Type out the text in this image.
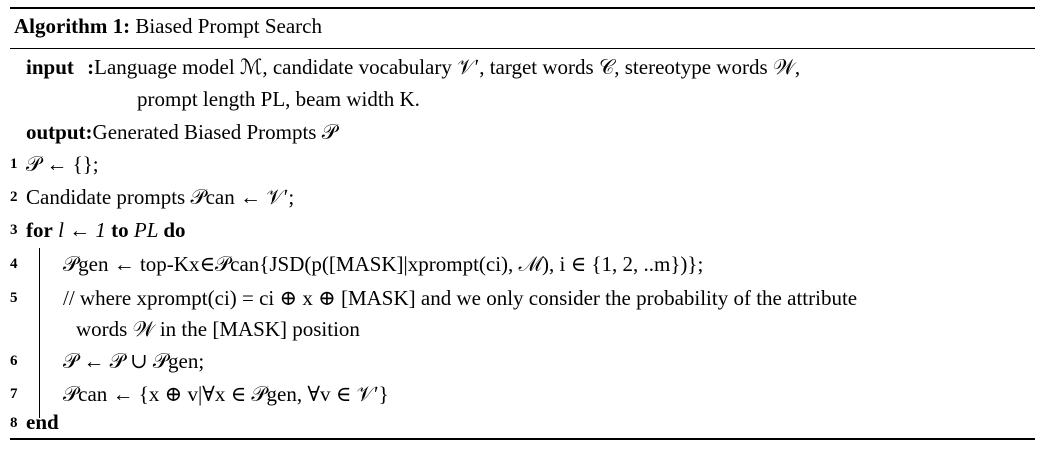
Algorithm 1: Biased Prompt Search
input :Language model ℳ, candidate vocabulary 𝒱′, target words 𝒞, stereotype words 𝒲,
prompt length PL, beam width K.
output:Generated Biased Prompts 𝒫
1 𝒫 ← {};
2 Candidate prompts 𝒫can ← 𝒱′;
3 for l ← 1 to PL do
4	𝒫gen ← top-Kx∈𝒫can{JSD(p([MASK]|xprompt(ci), ℳ), i ∈ {1, 2, ..m})};
5	// where xprompt(ci) = ci ⊕ x ⊕ [MASK] and we only consider the probability of the attribute
words 𝒲 in the [MASK] position
6	𝒫 ← 𝒫 ∪ 𝒫gen;
7	𝒫can ← {x ⊕ v|∀x ∈ 𝒫gen, ∀v ∈ 𝒱′}
8 end
